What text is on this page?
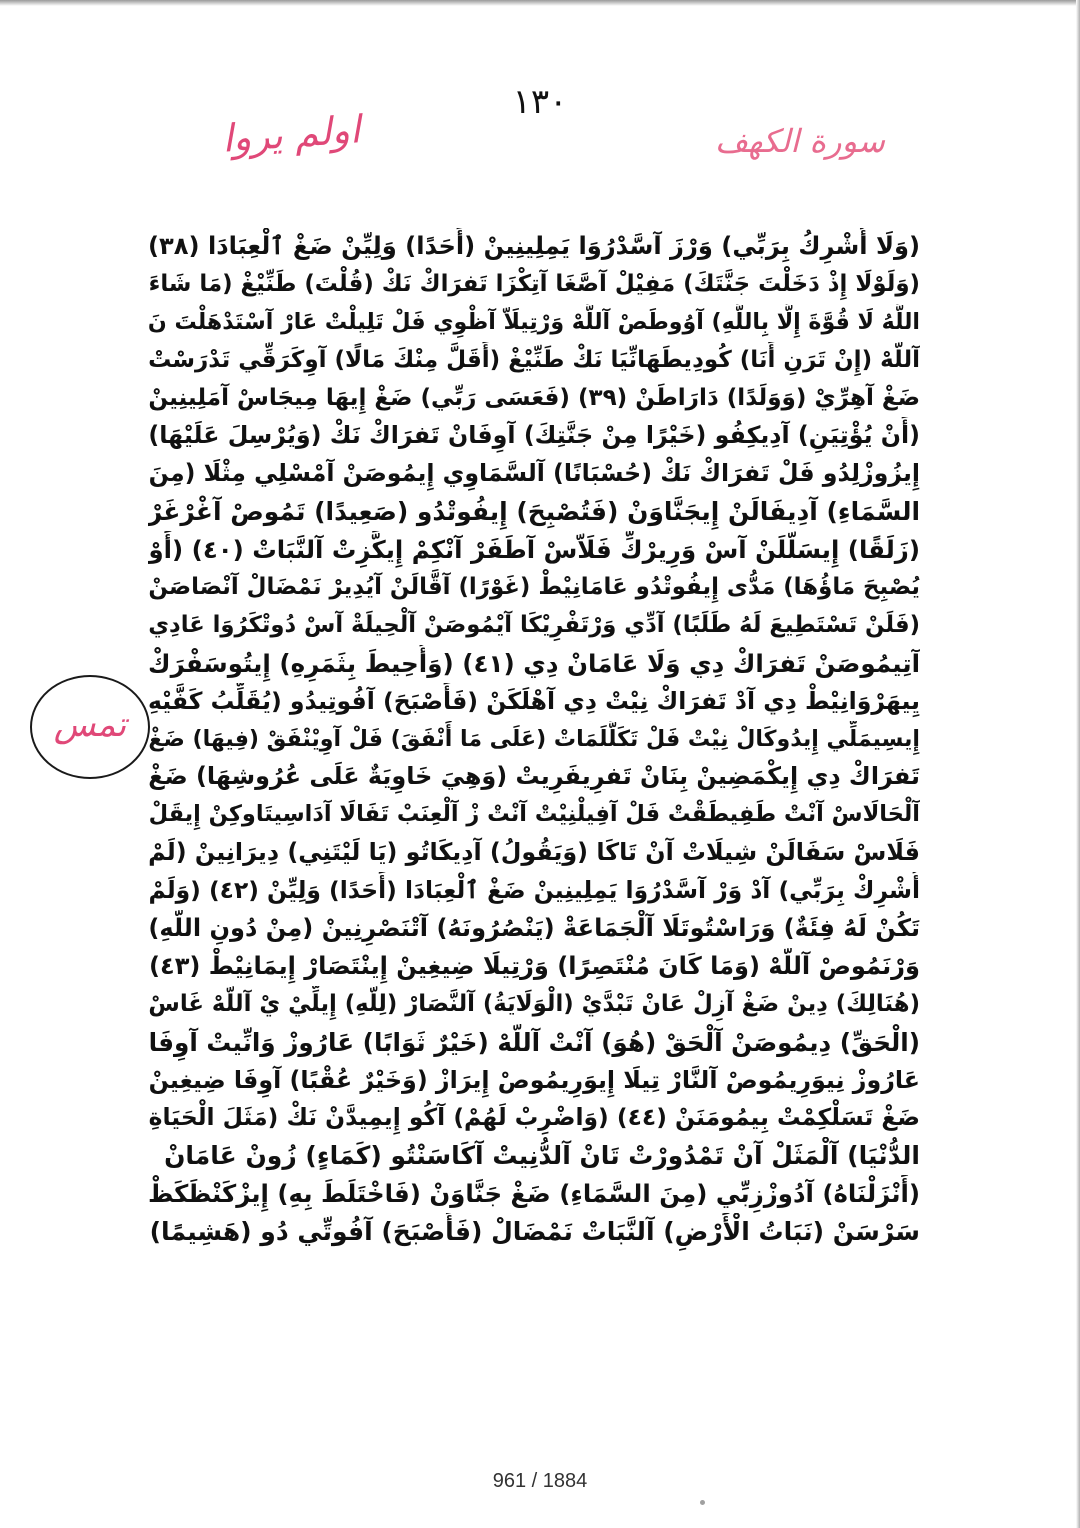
١٣٠
اولم يروا	سورة الكهف
تمس
(وَلَا أُشْرِكُ بِرَبِّي) وَرْزَ آسَّدْرُوَا يَمِلِينِينْ (أَحَدًا) وَلِيِّنْ ضَغْ ٱلْعِبَادَا (٣٨)
(وَلَوْلَا إِذْ دَخَلْتَ جَنَّتَكَ) مَفِيْلْ آصَّغَا آتِكْزَا تَفرَاكْ نَكْ (قُلْتَ) طَنِّيْغْ (مَا شَاءَ
اللَّهُ لَا قُوَّةَ إِلَّا بِاللَّهِ) آوُوطَصْ آللَّهْ وَرْتِيلَاّ آظْوِي فَلْ تَلِيلْتْ عَارْ آسْتَدْهَلْتَ نَ
آللَّهْ (إِنْ تَرَنِ أَنَا) كُودِيطَهَانِّيَا نَكْ طَنِّيْغْ (أَقَلَّ مِنْكَ مَالًا) آوِكَرَقِّي تَدْرَسْتْ
ضَغْ آهِرِّيْ (وَوَلَدًا) دَارَاطَنْ (٣٩) (فَعَسَى رَبِّي) ضَغْ إِيهَا مِيجَاسْ آمَلِينِينْ
(أَنْ يُؤْتِيَنِ) آدِيكِفُو (خَيْرًا مِنْ جَنَّتِكَ) آوِفَانْ تَفرَاكْ نَكْ (وَيُرْسِلَ عَلَيْهَا)
إِيزُوزْلِدُو فَلْ تَفرَاكْ نَكْ (حُسْبَانًا) آلسَّمَاوِي إِيمُوصَنْ آمْسْلِي مِثْلَا (مِنَ
السَّمَاءِ) آدِيفَالَنْ إِيجَنَّاوَنْ (فَتُصْبِحَ) إِيفُوتْدُو (صَعِيدًا) تَمُوصْ آغْرْغَرْ
(زَلَقًا) إِيسَلَّلَنْ آسْ وَرِيرْكِّ فَلَاّسْ آطَفَرْ آنْكِمْ إِيكَّزِتْ آلنَّبَاتْ (٤٠) (أَوْ
يُصْبِحَ مَاؤُهَا) مَدُّى إِيفُوتْدُو عَامَانِيْطْ (غَوْرًا) آقَّالَنْ آيُدِيرْ نَمْضَالْ آنْصَاصَنْ
(فَلَنْ تَسْتَطِيعَ لَهُ طَلَبًا) آدِّي وَرْتَفْرِيْكَا آيْمُوصَنْ آلْحِيلَةْ آسْ دُوتْكَرُوَا عَادِي
آتِيمُوصَنْ تَفرَاكْ دِي وَلَا عَامَانْ دِي (٤١) (وَأُحِيطَ بِثَمَرِهِ) إِيتُوسَفْرَكْ
يِيهَرْوَانِيْطْ دِي آدْ تَفرَاكْ نِيْتْ دِي آهْلَكَنْ (فَأَصْبَحَ) آفُوتِيدُو (يُقَلِّبُ كَفَّيْهِ
إِيسِيمَلِّي إِيدُوكَالْ نِيْتْ فَلْ تَكَلَّلَمَاتْ (عَلَى مَا أَنْفَقَ) فَلْ آوِيْنْفَقْ (فِيهَا) ضَغْ
تَفرَاكْ دِي إِيكْمَضِينْ بِنَانْ تَفرِيفَرِيتْ (وَهِيَ خَاوِيَةٌ عَلَى عُرُوشِهَا) ضَغْ
آلْحَالَاسْ آنْتْ طَفِيطَقْتْ فَلْ آفِيلْنِيْتْ آنْتْ زْ آلْعِنَبْ تَفَالَا آدَاسِيتَاوكِنْ إِيقَلْ
فَلَاسْ سَفَالَنْ شِيلَاتْ آنْ تَاكَا (وَيَقُولُ) آدِيكَاتُو (يَا لَيْتَنِي) دِيرَانِينْ (لَمْ
أُشْرِكْ بِرَبِّي) آدْ وَرْ آسَّدْرُوَا يَمِلِينِينْ ضَغْ ٱلْعِبَادَا (أَحَدًا) وَلِيِّنْ (٤٢) (وَلَمْ
تَكُنْ لَهُ فِئَةٌ) وَرَاسْتُوتَلَا آلْجَمَاعَةْ (يَنْصُرُونَهُ) آتْنَصْرِنِينْ (مِنْ دُونِ اللَّهِ)
وَرْنَمُوصْ آللَّهْ (وَمَا كَانَ مُنْتَصِرًا) وَرْتِيلَا ضِيغِينْ إِينْتَصَارْ إِيمَانِيْطْ (٤٣)
(هُنَالِكَ) دِينْ ضَغْ آزِلْ عَانْ تَبْدَّيْ (الْوَلَايَةُ) آلنَّصَارْ (لِلَّهِ) إِيلِّيْ يْ آللَّهْ غَاسْ
(الْحَقِّ) دِيمُوصَنْ آلْحَقْ (هُوَ) آنْتْ آللَّهْ (خَيْرٌ ثَوَابًا) عَارُوزْ وَانِّيتْ آوِفَا
عَارُوزْ نِيوَرِيمُوصْ آلنَّارْ تِيلَا إِيوَرِيمُوصْ إِيرَازْ (وَخَيْرٌ عُقْبًا) آوِفَا ضِيغِينْ
ضَغْ تَسَلْكِمْتْ بِيمُومَنَنْ (٤٤) (وَاضْرِبْ لَهُمْ) آكُو إِيمِيدَّنْ نَكْ (مَثَلَ الْحَيَاةِ
الدُّنْيَا) آلْمَثَلْ آنْ تَمْدُورْتْ تَانْ آلدُّنِيتْ آكَاسَنْتُو (كَمَاءٍ) زُونْ عَامَانْ
(أَنْزَلْنَاهُ) آدُوزْزِبِّي (مِنَ السَّمَاءِ) ضَغْ جَنَّاوَنْ (فَاخْتَلَطَ بِهِ) إِيزْكَنْظَكَظْ
سَرْسَنْ (نَبَاتُ الْأَرْضِ) آلنَّبَاتْ نَمْضَالْ (فَأَصْبَحَ) آفُوتِّي دُو (هَشِيمًا)
961 / 1884
